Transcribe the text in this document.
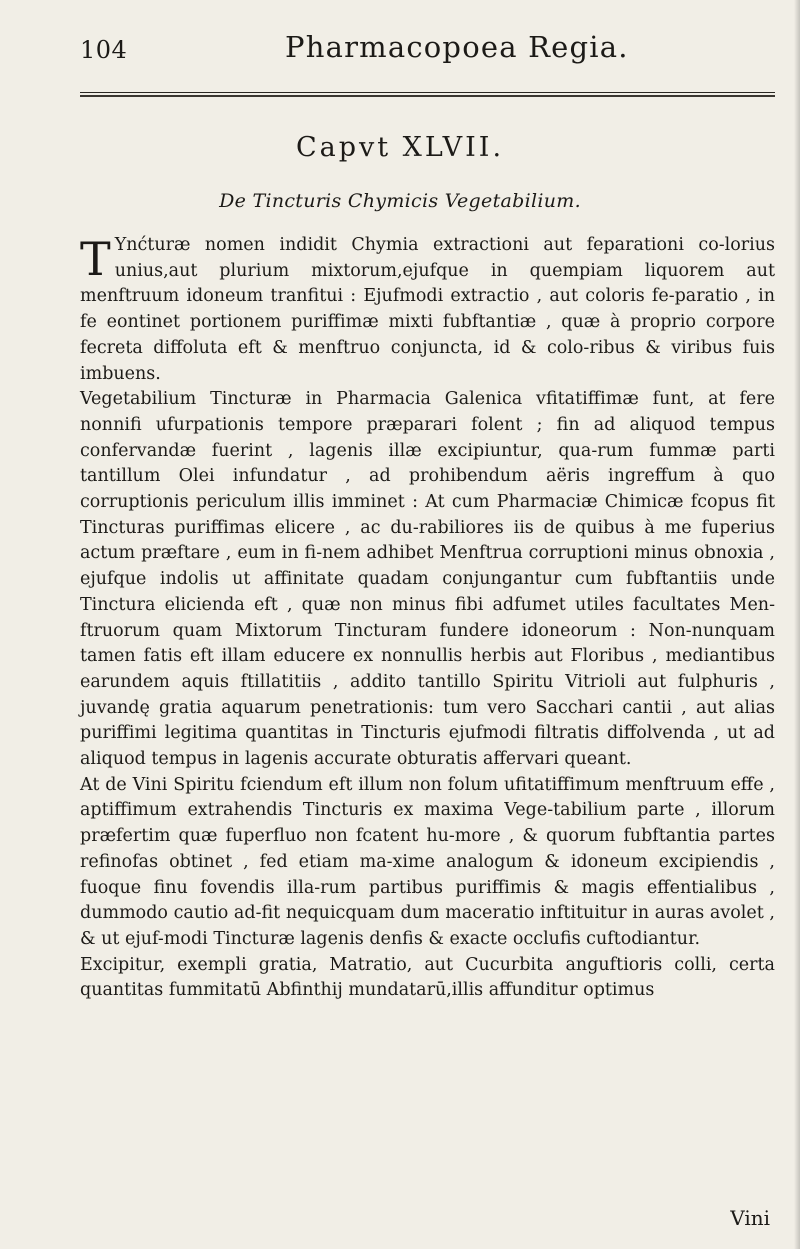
104	Pharmacopoea Regia.
Capvt XLVII.
De Tincturis Chymicis Vegetabilium.

T Ynćturæ nomen indidit Chymia extractioni aut feparationi co-lorius unius,aut plurium mixtorum,ejufque in quempiam liquorem aut menftruum idoneum tranfitui : Ejufmodi extractio , aut coloris fe-paratio , in fe eontinet portionem puriffimæ mixti fubftantiæ , quæ à proprio corpore fecreta diffoluta eft & menftruo conjuncta, id & colo-ribus & viribus fuis imbuens.

Vegetabilium Tincturæ in Pharmacia Galenica vfitatiffimæ funt, at fere nonnifi ufurpationis tempore præparari folent ; fin ad aliquod tempus confervandæ fuerint , lagenis illæ excipiuntur, qua-rum fummæ parti tantillum Olei infundatur , ad prohibendum aëris ingreffum à quo corruptionis periculum illis imminet : At cum Pharmaciæ Chimicæ fcopus fit Tincturas puriffimas elicere , ac du-rabiliores iis de quibus à me fuperius actum præftare , eum in fi-nem adhibet Menftrua corruptioni minus obnoxia , ejufque indolis ut affinitate quadam conjungantur cum fubftantiis unde Tinctura elicienda eft , quæ non minus fibi adfumet utiles facultates Men-ftruorum quam Mixtorum Tincturam fundere idoneorum : Non-nunquam tamen fatis eft illam educere ex nonnullis herbis aut Floribus , mediantibus earundem aquis ftillatitiis , addito tantillo Spiritu Vitrioli aut fulphuris , juvandę gratia aquarum penetrationis: tum vero Sacchari cantii , aut alias puriffimi legitima quantitas in Tincturis ejufmodi filtratis diffolvenda , ut ad aliquod tempus in lagenis accurate obturatis affervari queant.

At de Vini Spiritu fciendum eft illum non folum ufitatiffimum menftruum effe , aptiffimum extrahendis Tincturis ex maxima Vege-tabilium parte , illorum præfertim quæ fuperfluo non fcatent hu-more , & quorum fubftantia partes refinofas obtinet , fed etiam ma-xime analogum & idoneum excipiendis , fuoque finu fovendis illa-rum partibus puriffimis & magis effentialibus , dummodo cautio ad-fit nequicquam dum maceratio inftituitur in auras avolet , & ut ejuf-modi Tincturæ lagenis denfis & exacte occlufis cuftodiantur.

Excipitur, exempli gratia, Matratio, aut Cucurbita anguftioris colli, certa quantitas fummitatū Abfinthij mundatarū,illis affunditur optimus

Vini
